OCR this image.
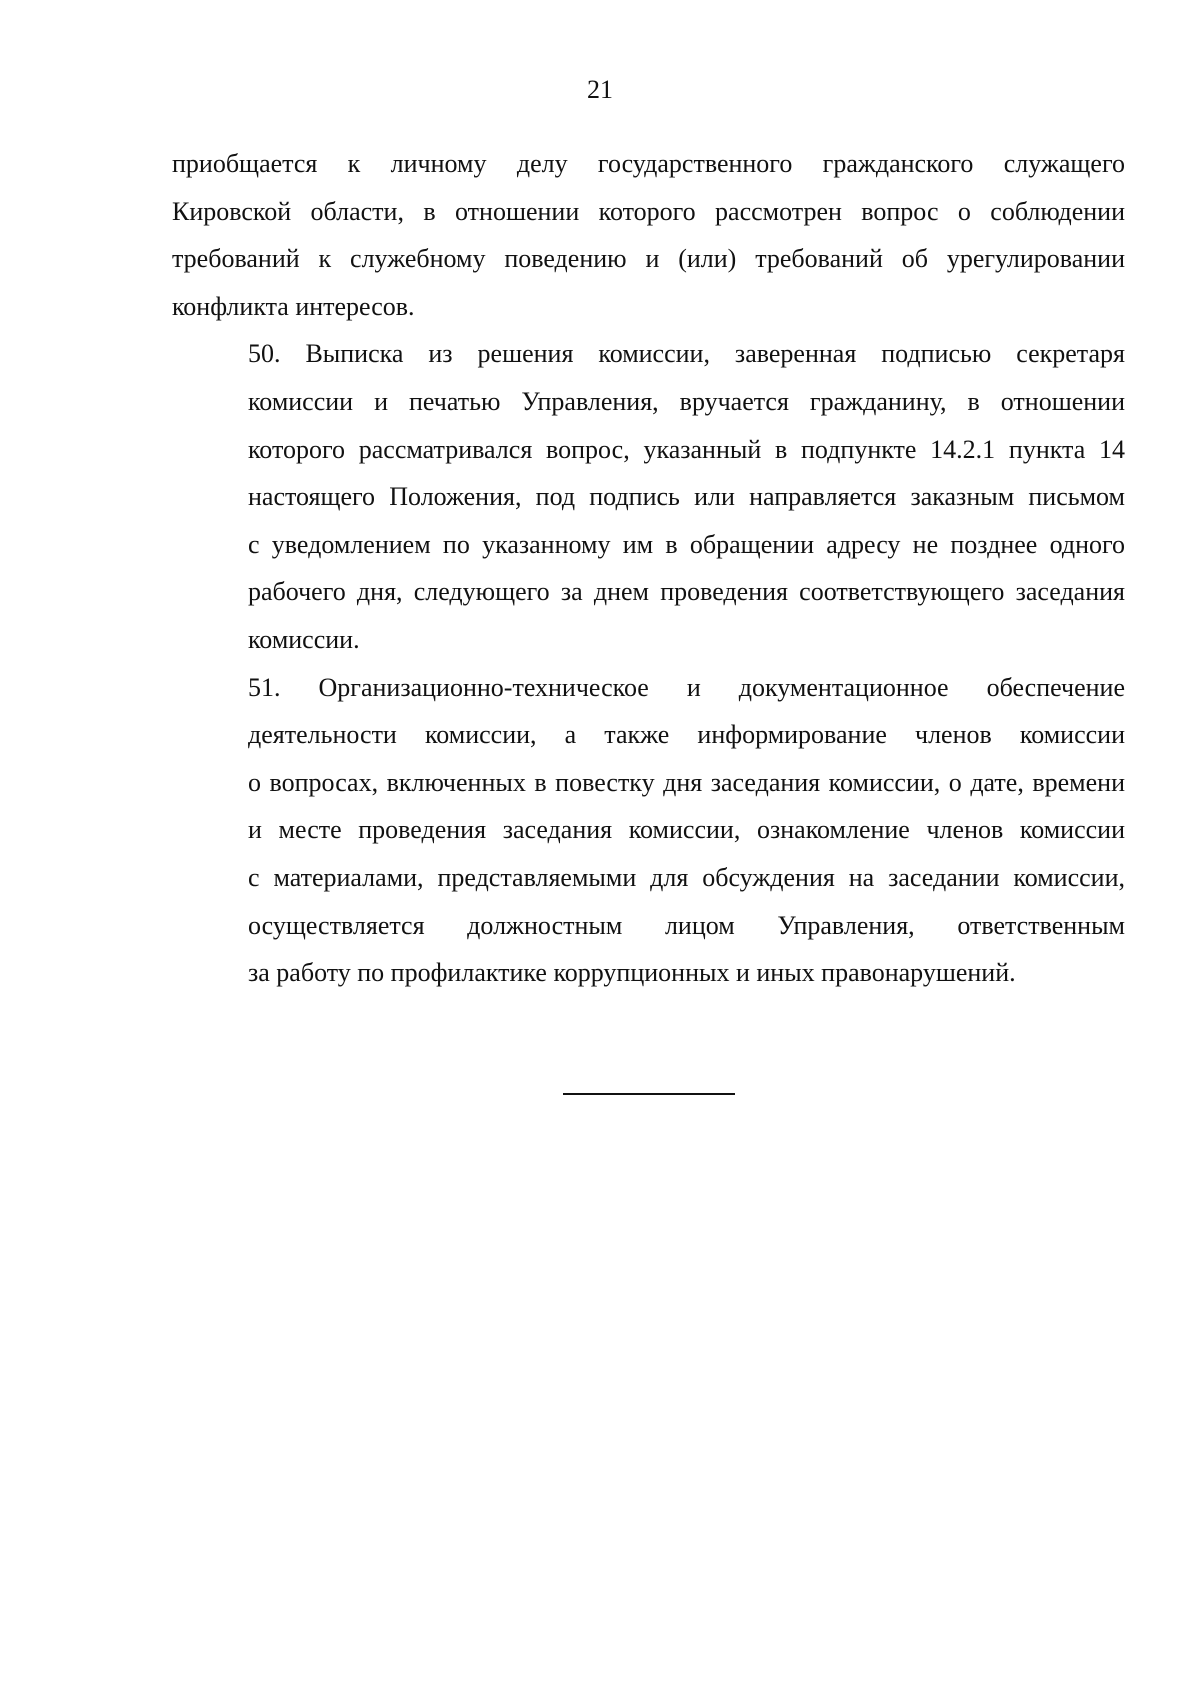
21

приобщается к личному делу государственного гражданского служащего
Кировской области, в отношении которого рассмотрен вопрос о соблюдении
требований к служебному поведению и (или) требований об урегулировании
конфликта интересов.

50. Выписка из решения комиссии, заверенная подписью секретаря
комиссии и печатью Управления, вручается гражданину, в отношении
которого рассматривался вопрос, указанный в подпункте 14.2.1 пункта 14
настоящего Положения, под подпись или направляется заказным письмом
с уведомлением по указанному им в обращении адресу не позднее одного
рабочего дня, следующего за днем проведения соответствующего заседания
комиссии.

51. Организационно-техническое и документационное обеспечение
деятельности комиссии, а также информирование членов комиссии
о вопросах, включенных в повестку дня заседания комиссии, о дате, времени
и месте проведения заседания комиссии, ознакомление членов комиссии
с материалами, представляемыми для обсуждения на заседании комиссии,
осуществляется должностным лицом Управления, ответственным
за работу по профилактике коррупционных и иных правонарушений.
